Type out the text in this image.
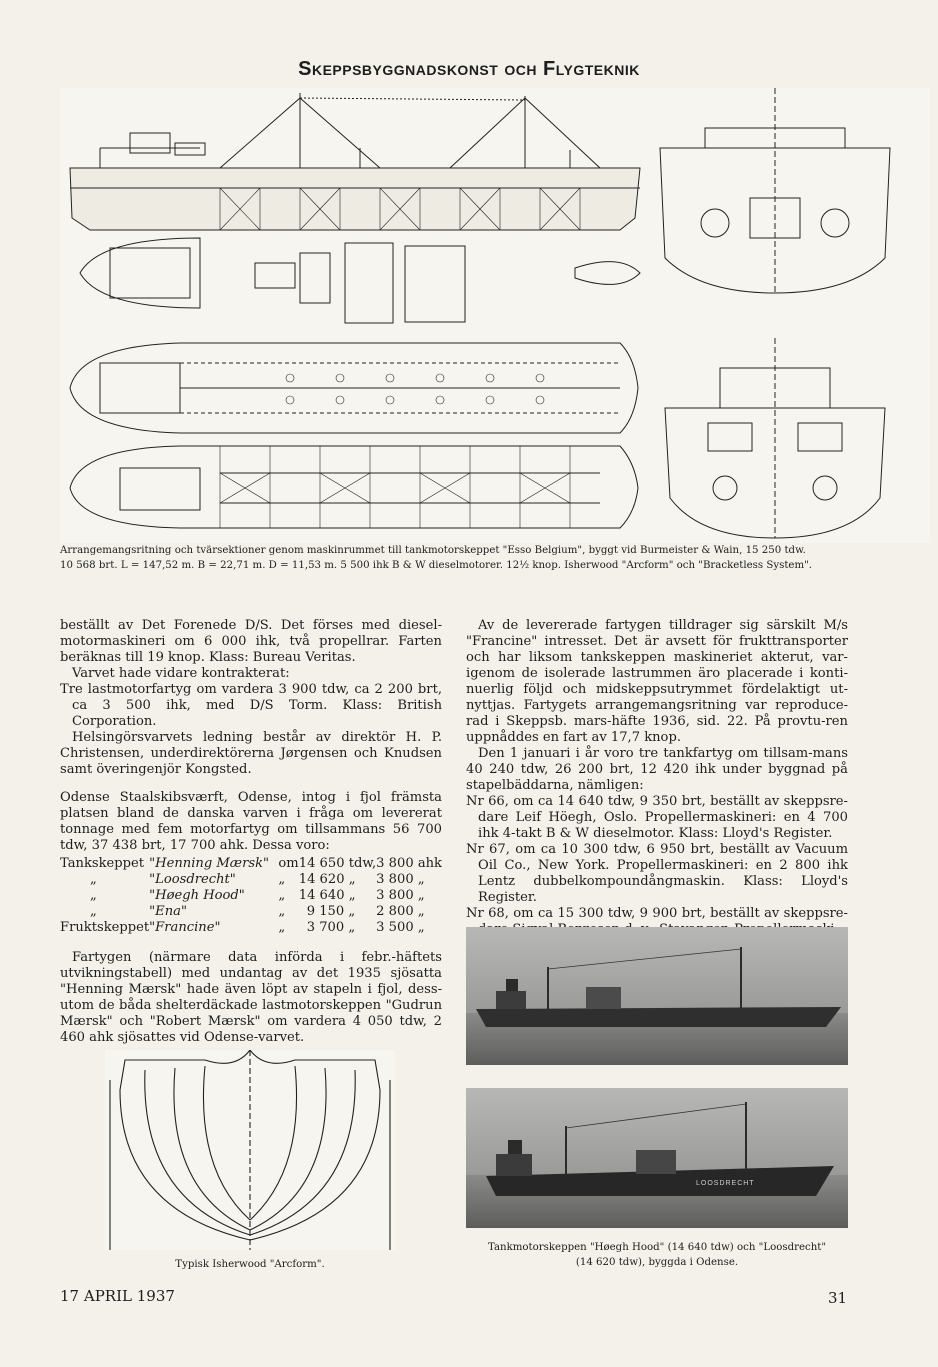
Skeppsbyggnadskonst och Flygteknik
Arrangemangsritning och tvärsektioner genom maskinrummet till tankmotorskeppet "Esso Belgium", byggt vid Burmeister & Wain, 15 250 tdw.
10 568 brt. L = 147,52 m. B = 22,71 m. D = 11,53 m. 5 500 ihk B & W dieselmotorer. 12½ knop. Isherwood "Arcform" och "Bracketless System".

beställt av Det Forenede D/S. Det förses med diesel-motormaskineri om 6 000 ihk, två propellrar. Farten beräknas till 19 knop. Klass: Bureau Veritas.

Varvet hade vidare kontrakterat:

Tre lastmotorfartyg om vardera 3 900 tdw, ca 2 200 brt, ca 3 500 ihk, med D/S Torm. Klass: British Corporation.

Helsingörsvarvets ledning består av direktör H. P. Christensen, underdirektörerna Jørgensen och Knudsen samt överingenjör Kongsted.

Odense Staalskibsværft, Odense, intog i fjol främsta platsen bland de danska varven i fråga om levererat tonnage med fem motorfartyg om tillsammans 56 700 tdw, 37 438 brt, 17 700 ahk. Dessa voro:

Tankskeppet	"Henning Mærsk"	om	14 650 tdw,	3 800 ahk
„	"Loosdrecht"	„	14 620 „	3 800 „
„	"Høegh Hood"	„	14 640 „	3 800 „
„	"Ena"	„	9 150 „	2 800 „
Fruktskeppet	"Francine"	„	3 700 „	3 500 „

Fartygen (närmare data införda i febr.-häftets utvikningstabell) med undantag av det 1935 sjösatta "Henning Mærsk" hade även löpt av stapeln i fjol, dess-utom de båda shelterdäckade lastmotorskeppen "Gudrun Mærsk" och "Robert Mærsk" om vardera 4 050 tdw, 2 460 ahk sjösattes vid Odense-varvet.

Typisk Isherwood "Arcform".

Av de levererade fartygen tilldrager sig särskilt M/s "Francine" intresset. Det är avsett för frukttransporter och har liksom tankskeppen maskineriet akterut, var-igenom de isolerade lastrummen äro placerade i konti-nuerlig följd och midskeppsutrymmet fördelaktigt ut-nyttjas. Fartygets arrangemangsritning var reproduce-rad i Skeppsb. mars-häfte 1936, sid. 22. På provtu-ren uppnåddes en fart av 17,7 knop.

Den 1 januari i år voro tre tankfartyg om tillsam-mans 40 240 tdw, 26 200 brt, 12 420 ihk under byggnad på stapelbäddarna, nämligen:

Nr 66, om ca 14 640 tdw, 9 350 brt, beställt av skeppsre-dare Leif Höegh, Oslo. Propellermaskineri: en 4 700 ihk 4-takt B & W dieselmotor. Klass: Lloyd's Register.

Nr 67, om ca 10 300 tdw, 6 950 brt, beställt av Vacuum Oil Co., New York. Propellermaskineri: en 2 800 ihk Lentz dubbelkompoundångmaskin. Klass: Lloyd's Register.

Nr 68, om ca 15 300 tdw, 9 900 brt, beställt av skeppsre-

LOOSDRECHT
Tankmotorskeppen "Høegh Hood" (14 640 tdw) och "Loosdrecht"
(14 620 tdw), byggda i Odense.
17 APRIL 1937	31
